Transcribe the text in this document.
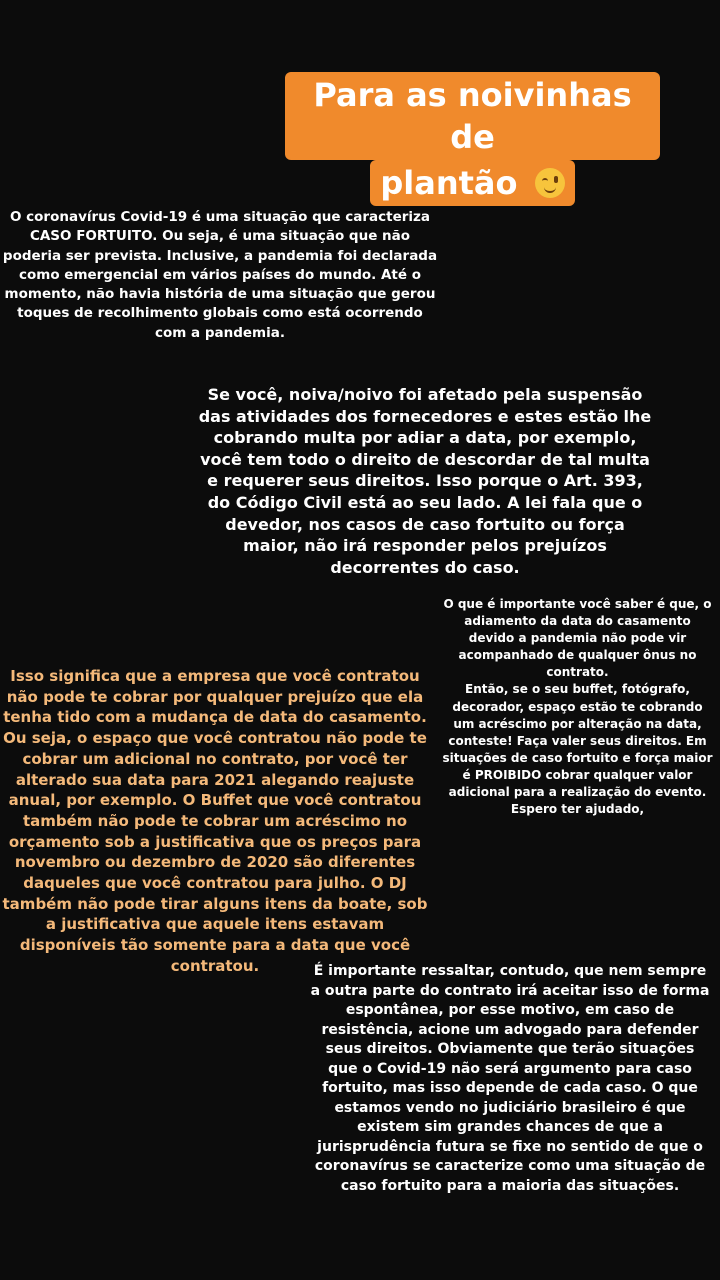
Para as noivinhas de
plantão
O coronavírus Covid-19 é uma situação que caracteriza CASO FORTUITO. Ou seja, é uma situação que não poderia ser prevista. Inclusive, a pandemia foi declarada como emergencial em vários países do mundo. Até o momento, não havia história de uma situação que gerou toques de recolhimento globais como está ocorrendo com a pandemia.
Se você, noiva/noivo foi afetado pela suspensão das atividades dos fornecedores e estes estão lhe cobrando multa por adiar a data, por exemplo, você tem todo o direito de descordar de tal multa e requerer seus direitos. Isso porque o Art. 393, do Código Civil está ao seu lado. A lei fala que o devedor, nos casos de caso fortuito ou força maior, não irá responder pelos prejuízos decorrentes do caso.
O que é importante você saber é que, o adiamento da data do casamento devido a pandemia não pode vir acompanhado de qualquer ônus no contrato.
Então, se o seu buffet, fotógrafo, decorador, espaço estão te cobrando um acréscimo por alteração na data, conteste! Faça valer seus direitos. Em situações de caso fortuito e força maior é PROIBIDO cobrar qualquer valor adicional para a realização do evento.
Espero ter ajudado,
Isso significa que a empresa que você contratou não pode te cobrar por qualquer prejuízo que ela tenha tido com a mudança de data do casamento. Ou seja, o espaço que você contratou não pode te cobrar um adicional no contrato, por você ter alterado sua data para 2021 alegando reajuste anual, por exemplo. O Buffet que você contratou também não pode te cobrar um acréscimo no orçamento sob a justificativa que os preços para novembro ou dezembro de 2020 são diferentes daqueles que você contratou para julho. O DJ também não pode tirar alguns itens da boate, sob a justificativa que aquele itens estavam disponíveis tão somente para a data que você contratou.	É importante ressaltar, contudo, que nem sempre a outra parte do contrato irá aceitar isso de forma espontânea, por esse motivo, em caso de resistência, acione um advogado para defender seus direitos. Obviamente que terão situações que o Covid-19 não será argumento para caso fortuito, mas isso depende de cada caso. O que estamos vendo no judiciário brasileiro é que existem sim grandes chances de que a jurisprudência futura se fixe no sentido de que o coronavírus se caracterize como uma situação de caso fortuito para a maioria das situações.
